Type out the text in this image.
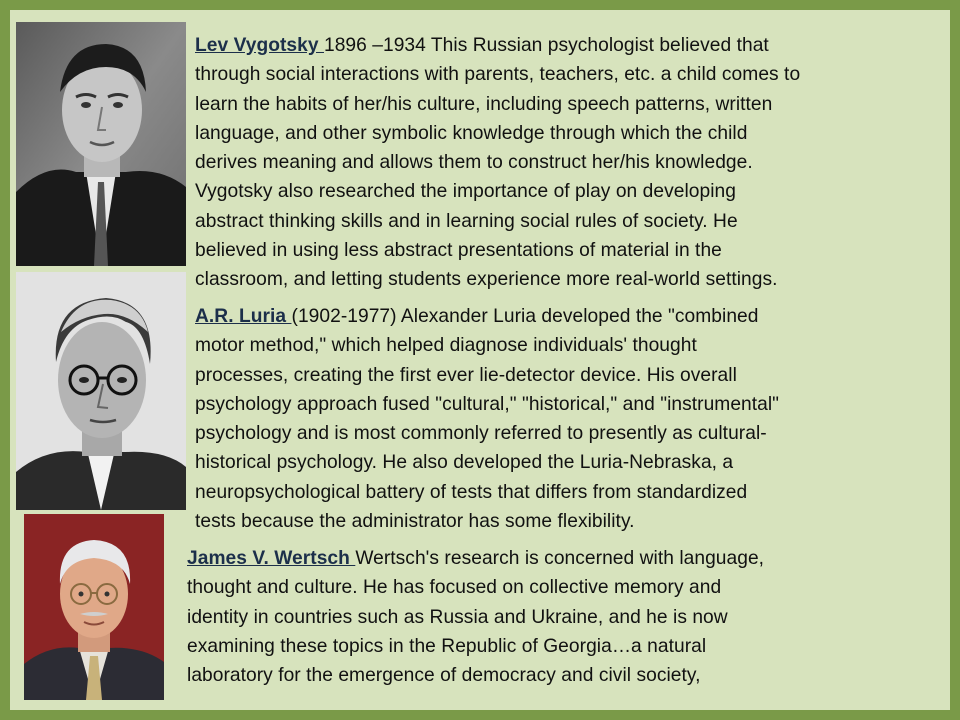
Lev Vygotsky 1896 –1934 This Russian psychologist believed that
through social interactions with parents, teachers, etc. a child comes to
learn the habits of her/his culture, including speech patterns, written
language, and other symbolic knowledge through which the child
derives meaning and allows them to construct her/his knowledge.
Vygotsky also researched the importance of play on developing
abstract thinking skills and in learning social rules of society. He
believed in using less abstract presentations of material in the
classroom, and letting students experience more real-world settings.
A.R. Luria (1902-1977) Alexander Luria developed the "combined
motor method," which helped diagnose individuals' thought
processes, creating the first ever lie-detector device. His overall
psychology approach fused "cultural," "historical," and "instrumental"
psychology and is most commonly referred to presently as cultural-
historical psychology. He also developed the Luria-Nebraska, a
neuropsychological battery of tests that differs from standardized
tests because the administrator has some flexibility.
James V. Wertsch Wertsch's research is concerned with language,
thought and culture. He has focused on collective memory and
identity in countries such as Russia and Ukraine, and he is now
examining these topics in the Republic of Georgia…a natural
laboratory for the emergence of democracy and civil society,
